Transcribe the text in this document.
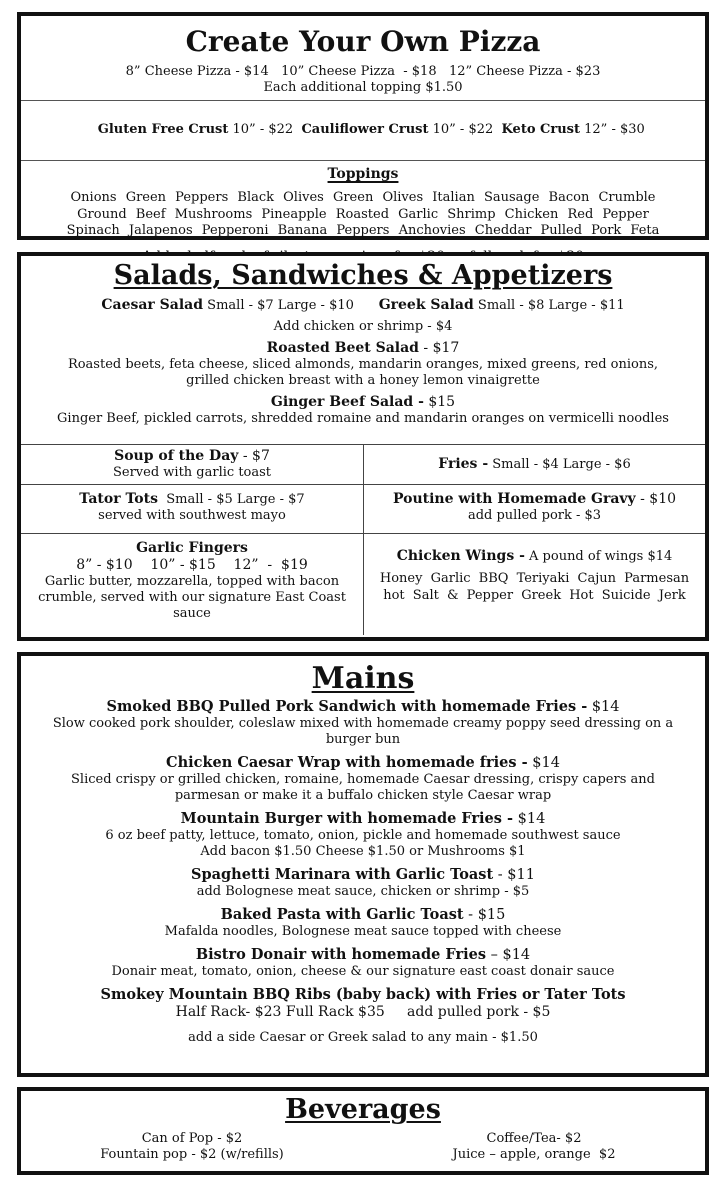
Create Your Own Pizza
8” Cheese Pizza - $14   10” Cheese Pizza  - $18   12” Cheese Pizza - $23
Each additional topping $1.50

Gluten Free Crust 10” - $22  Cauliflower Crust 10” - $22  Keto Crust 12” - $30

Toppings
Onions Green Peppers Black Olives Green Olives Italian Sausage Bacon Crumble
Ground Beef Mushrooms Pineapple Roasted Garlic Shrimp Chicken Red Pepper
Spinach Jalapenos Pepperoni Banana Peppers Anchovies Cheddar Pulled Pork Feta
Salads, Sandwiches & Appetizers
Caesar Salad Small - $7 Large - $10      Greek Salad Small - $8 Large - $11
Add chicken or shrimp - $4
Roasted Beet Salad - $17
Roasted beets, feta cheese, sliced almonds, mandarin oranges, mixed greens, red onions,
grilled chicken breast with a honey lemon vinaigrette
Ginger Beef Salad - $15
Ginger Beef, pickled carrots, shredded romaine and mandarin oranges on vermicelli noodles
Soup of the Day - $7
Served with garlic toast
Fries - Small - $4 Large - $6
Tator Tots  Small - $5 Large - $7
served with southwest mayo
Poutine with Homemade Gravy - $10
add pulled pork - $3
Garlic Fingers
8” - $10    10” - $15    12”  -  $19
Garlic butter, mozzarella, topped with bacon crumble, served with our signature East Coast sauce
Chicken Wings - A pound of wings $14
Honey Garlic BBQ Teriyaki Cajun Parmesan hot Salt & Pepper Greek Hot Suicide Jerk
Mains
Smoked BBQ Pulled Pork Sandwich with homemade Fries - $14
Slow cooked pork shoulder, coleslaw mixed with homemade creamy poppy seed dressing on a burger bun
Chicken Caesar Wrap with homemade fries - $14
Sliced crispy or grilled chicken, romaine, homemade Caesar dressing, crispy capers and parmesan or make it a buffalo chicken style Caesar wrap
Mountain Burger with homemade Fries - $14
6 oz beef patty, lettuce, tomato, onion, pickle and homemade southwest sauce
Add bacon $1.50 Cheese $1.50 or Mushrooms $1
Spaghetti Marinara with Garlic Toast - $11
add Bolognese meat sauce, chicken or shrimp - $5
Baked Pasta with Garlic Toast - $15
Mafalda noodles, Bolognese meat sauce topped with cheese
Bistro Donair with homemade Fries – $14
Donair meat, tomato, onion, cheese & our signature east coast donair sauce
Smokey Mountain BBQ Ribs (baby back) with Fries or Tater Tots
Half Rack- $23 Full Rack $35     add pulled pork - $5
add a side Caesar or Greek salad to any main - $1.50
Beverages
Can of Pop - $2
Fountain pop - $2 (w/refills)
Coffee/Tea- $2
Juice – apple, orange  $2
